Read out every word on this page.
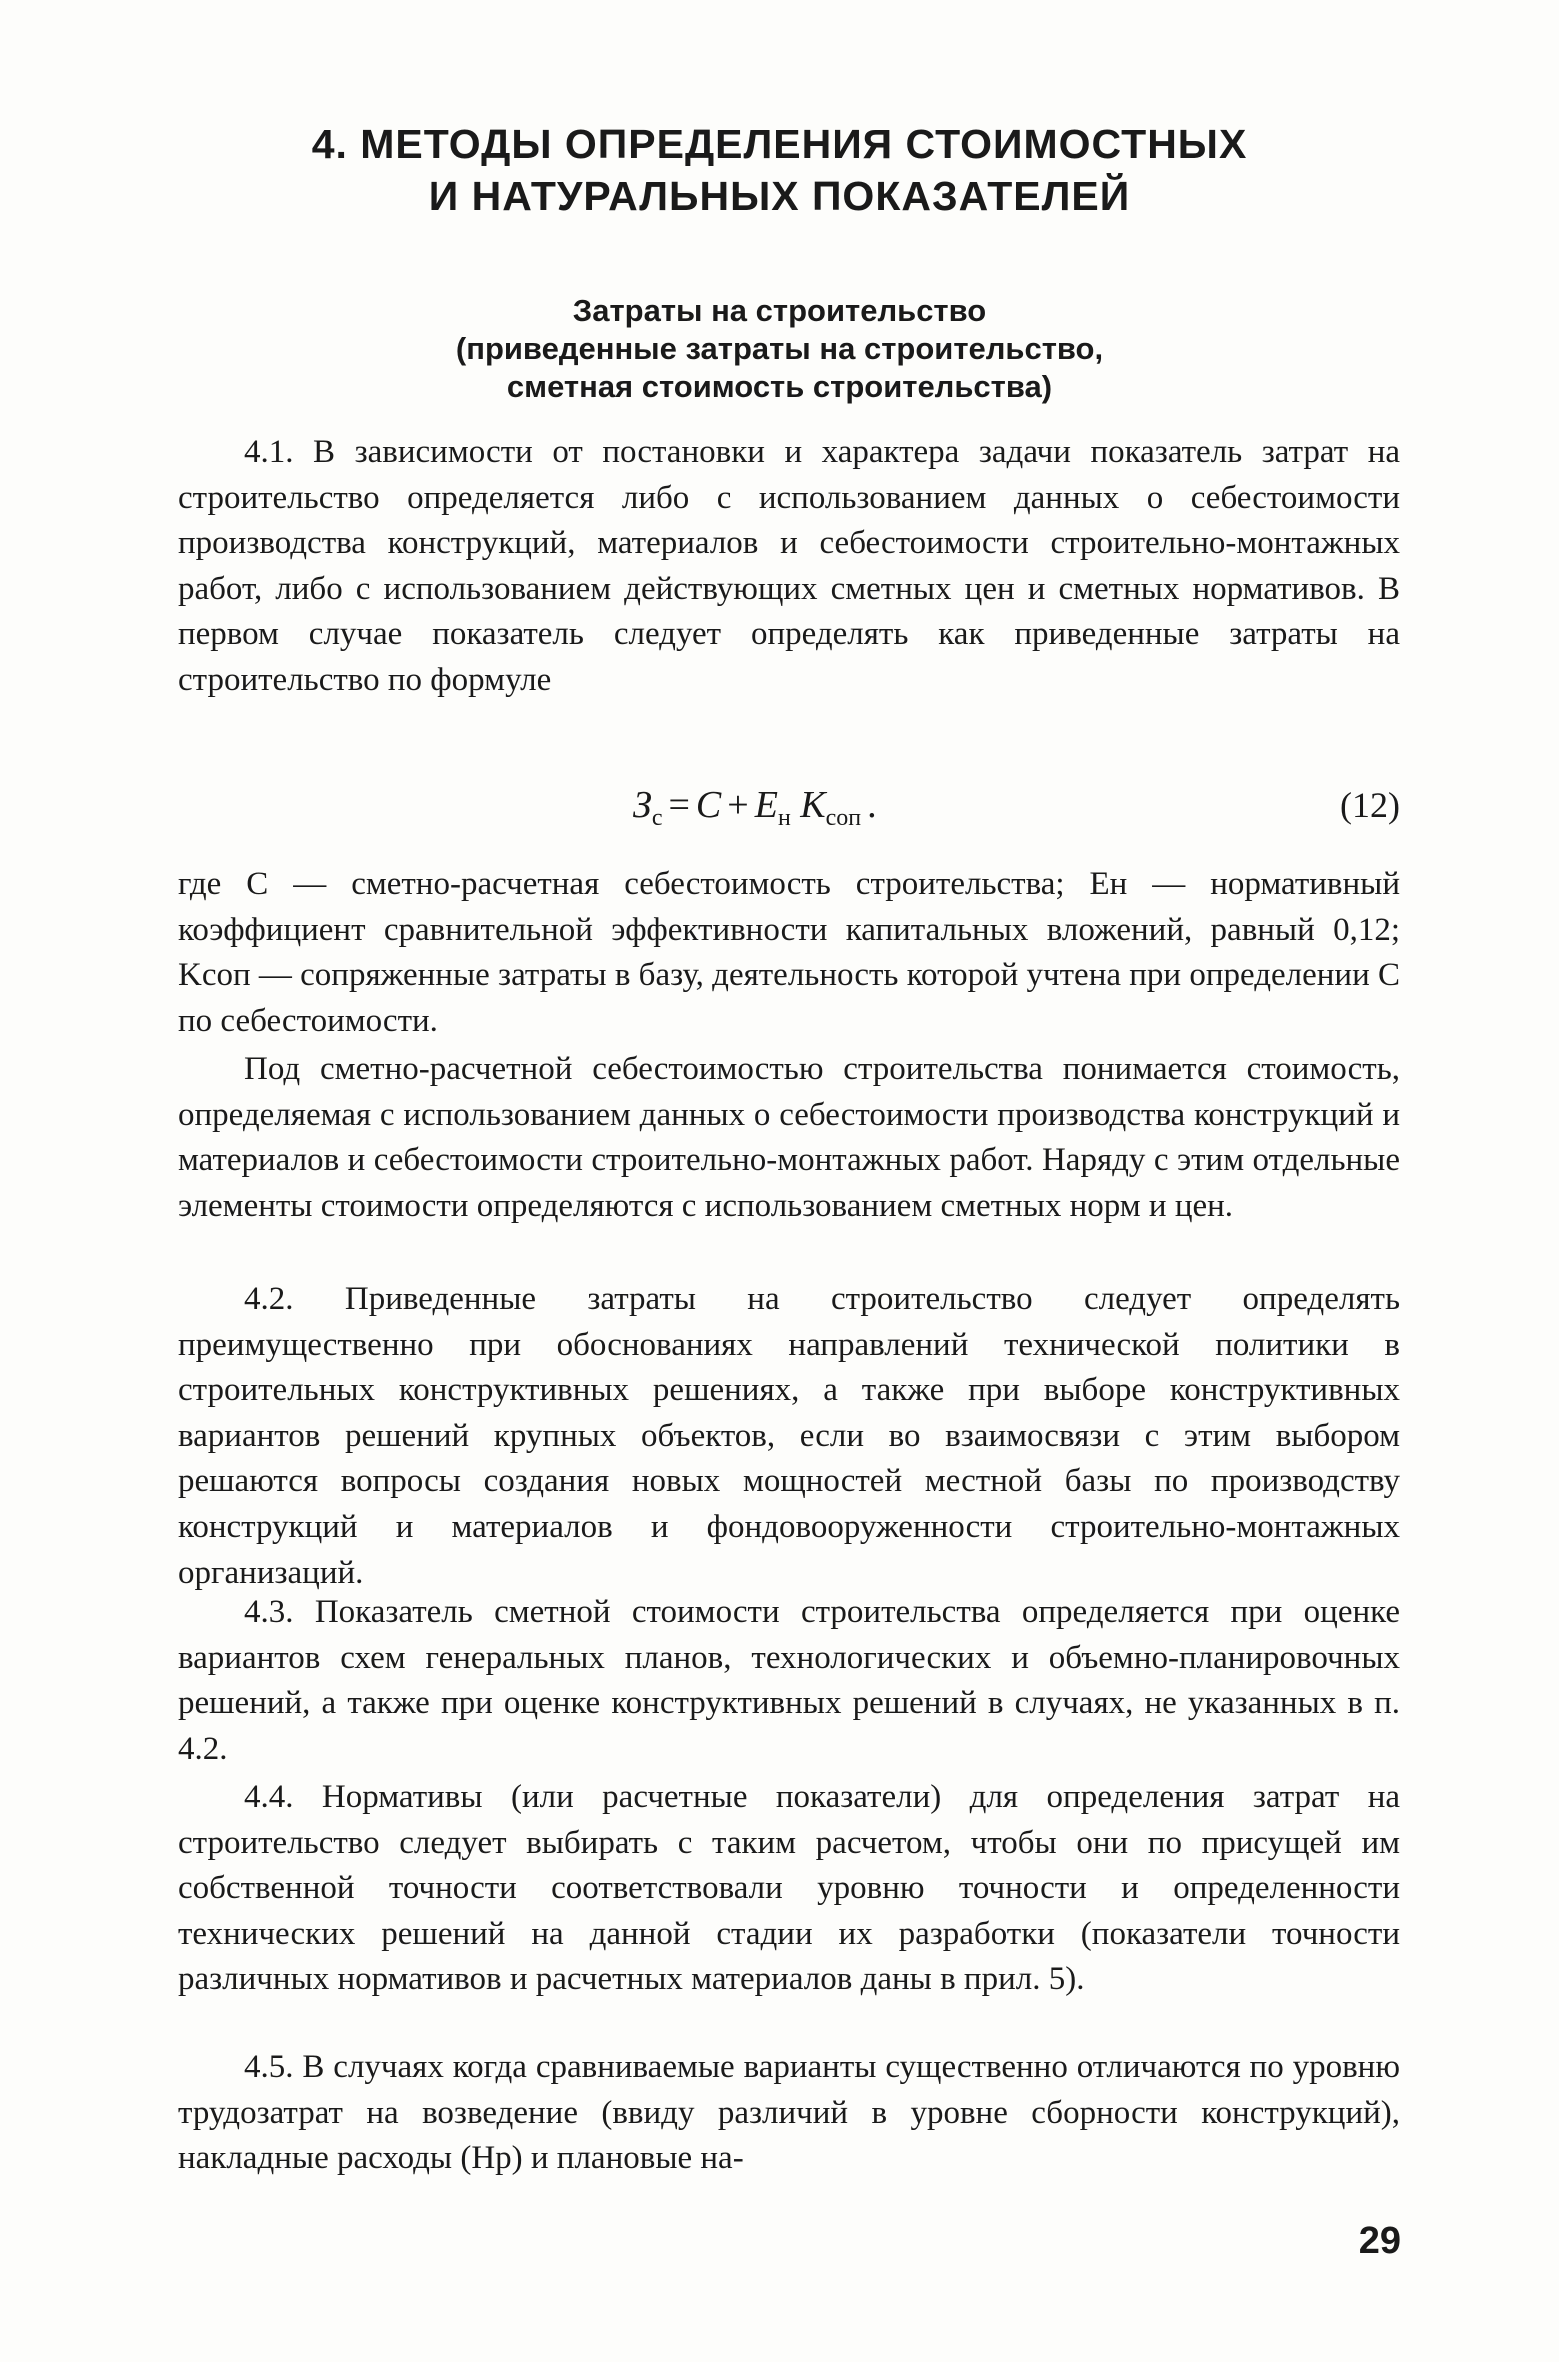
4. МЕТОДЫ ОПРЕДЕЛЕНИЯ СТОИМОСТНЫХ
И НАТУРАЛЬНЫХ ПОКАЗАТЕЛЕЙ
Затраты на строительство
(приведенные затраты на строительство,
сметная стоимость строительства)

4.1. В зависимости от постановки и характера задачи показатель затрат на строительство определяется либо с использованием данных о себестоимости производства конструкций, материалов и себестоимости строительно-монтажных работ, либо с использованием действующих сметных цен и сметных нормативов. В первом случае показатель следует определять как приведенные затраты на строительство по формуле

$З_с = C + E_н$ $K_{соп}$ .	(12)

где С — сметно-расчетная себестоимость строительства; Eн — нормативный коэффициент сравнительной эффективности капитальных вложений, равный 0,12; Kсоп — сопряженные затраты в базу, деятельность которой учтена при определении С по себестоимости.

Под сметно-расчетной себестоимостью строительства понимается стоимость, определяемая с использованием данных о себестоимости производства конструкций и материалов и себестоимости строительно-монтажных работ. Наряду с этим отдельные элементы стоимости определяются с использованием сметных норм и цен.

4.2. Приведенные затраты на строительство следует определять преимущественно при обоснованиях направлений технической политики в строительных конструктивных решениях, а также при выборе конструктивных вариантов решений крупных объектов, если во взаимосвязи с этим выбором решаются вопросы создания новых мощностей местной базы по производству конструкций и материалов и фондовооруженности строительно-монтажных организаций.

4.3. Показатель сметной стоимости строительства определяется при оценке вариантов схем генеральных планов, технологических и объемно-планировочных решений, а также при оценке конструктивных решений в случаях, не указанных в п. 4.2.

4.4. Нормативы (или расчетные показатели) для определения затрат на строительство следует выбирать с таким расчетом, чтобы они по присущей им собственной точности соответствовали уровню точности и определенности технических решений на данной стадии их разработки (показатели точности различных нормативов и расчетных материалов даны в прил. 5).

4.5. В случаях когда сравниваемые варианты существенно отличаются по уровню трудозатрат на возведение (ввиду различий в уровне сборности конструкций), накладные расходы (Нр) и плановые на-

29
